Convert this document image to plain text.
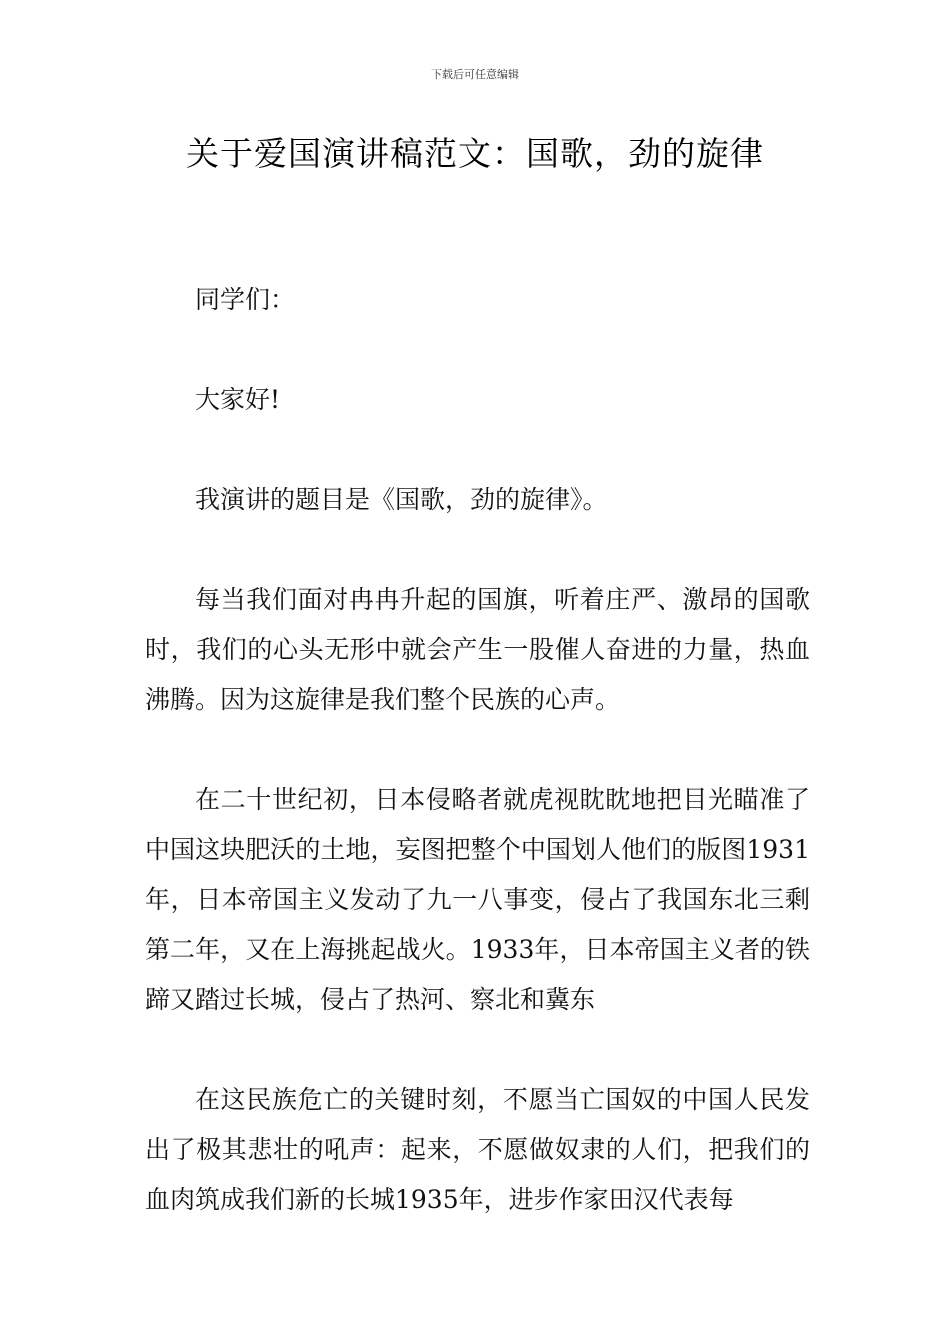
下载后可任意编辑
关于爱国演讲稿范文：国歌，劲的旋律

同学们：

大家好!

我演讲的题目是《国歌，劲的旋律》。

每当我们面对冉冉升起的国旗，听着庄严、激昂的国歌时，我们的心头无形中就会产生一股催人奋进的力量，热血沸腾。因为这旋律是我们整个民族的心声。

在二十世纪初，日本侵略者就虎视眈眈地把目光瞄准了中国这块肥沃的土地，妄图把整个中国划人他们的版图1931年，日本帝国主义发动了九一八事变，侵占了我国东北三剩第二年，又在上海挑起战火。1933年，日本帝国主义者的铁蹄又踏过长城，侵占了热河、察北和冀东

在这民族危亡的关键时刻，不愿当亡国奴的中国人民发出了极其悲壮的吼声：起来，不愿做奴隶的人们，把我们的血肉筑成我们新的长城1935年，进步作家田汉代表每
